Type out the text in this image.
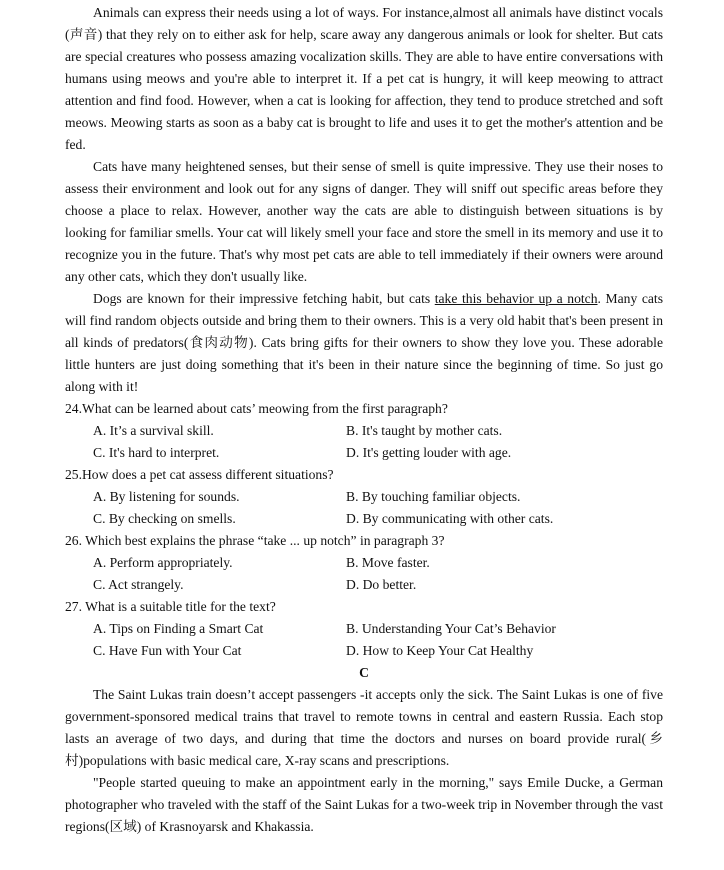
Animals can express their needs using a lot of ways. For instance,almost all animals have distinct vocals (声音) that they rely on to either ask for help, scare away any dangerous animals or look for shelter. But cats are special creatures who possess amazing vocalization skills. They are able to have entire conversations with humans using meows and you're able to interpret it. If a pet cat is hungry, it will keep meowing to attract attention and find food. However, when a cat is looking for affection, they tend to produce stretched and soft meows. Meowing starts as soon as a baby cat is brought to life and uses it to get the mother's attention and be fed.

Cats have many heightened senses, but their sense of smell is quite impressive. They use their noses to assess their environment and look out for any signs of danger. They will sniff out specific areas before they choose a place to relax. However, another way the cats are able to distinguish between situations is by looking for familiar smells. Your cat will likely smell your face and store the smell in its memory and use it to recognize you in the future. That's why most pet cats are able to tell immediately if their owners were around any other cats, which they don't usually like.

Dogs are known for their impressive fetching habit, but cats take this behavior up a notch. Many cats will find random objects outside and bring them to their owners. This is a very old habit that's been present in all kinds of predators(食肉动物). Cats bring gifts for their owners to show they love you. These adorable little hunters are just doing something that it's been in their nature since the beginning of time. So just go along with it!

24.What can be learned about cats’ meowing from the first paragraph?

A. It’s a survival skill.	B. It's taught by mother cats.
C. It's hard to interpret.	D. It's getting louder with age.

25.How does a pet cat assess different situations?

A. By listening for sounds.	B. By touching familiar objects.
C. By checking on smells.	D. By communicating with other cats.

26. Which best explains the phrase “take ... up notch” in paragraph 3?

A. Perform appropriately.	B. Move faster.
C. Act strangely.	D. Do better.

27. What is a suitable title for the text?

A. Tips on Finding a Smart Cat	B. Understanding Your Cat’s Behavior
C. Have Fun with Your Cat	D. How to Keep Your Cat Healthy

C

The Saint Lukas train doesn’t accept passengers -it accepts only the sick. The Saint Lukas is one of five government-sponsored medical trains that travel to remote towns in central and eastern Russia. Each stop lasts an average of two days, and during that time the doctors and nurses on board provide rural(乡村)populations with basic medical care, X-ray scans and prescriptions.

"People started queuing to make an appointment early in the morning," says Emile Ducke, a German photographer who traveled with the staff of the Saint Lukas for a two-week trip in November through the vast regions(区域) of Krasnoyarsk and Khakassia.
